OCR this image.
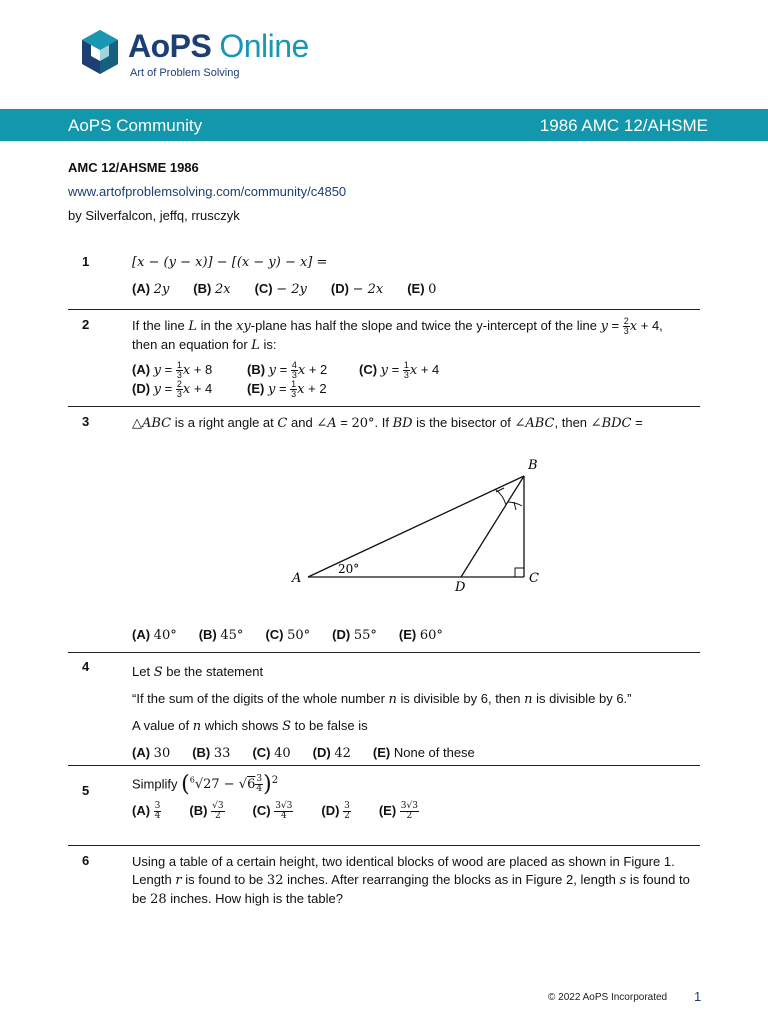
AoPS Online
Art of Problem Solving
AoPS Community	1986 AMC 12/AHSME
AMC 12/AHSME 1986
www.artofproblemsolving.com/community/c4850
by Silverfalcon, jeffq, rrusczyk
1	[x − (y − x)] − [(x − y) − x] =
(A) 2y (B) 2x (C) − 2y (D) − 2x (E) 0
2	If the line L in the xy-plane has half the slope and twice the y-intercept of the line $y = \frac{2}{3}$ x + 4,
then an equation for L is:
(A) $y = \frac{1}{3}$ x + 8	(B) $y = \frac{4}{3}$ x + 2 (C) $y = \frac{1}{3}$ x + 4
(D) $y = \frac{2}{3}$ x + 4	(E) $y = \frac{1}{3}$ x + 2
3	△ABC is a right angle at C and ∠A = 20°. If BD is the bisector of ∠ABC, then ∠BDC =
A
B
C
D
20°
(A) 40° (B) 45° (C) 50° (D) 55° (E) 60°
4	Let S be the statement
“If the sum of the digits of the whole number n is divisible by 6, then n is divisible by 6.”
A value of n which shows S to be false is
(A) 30 (B) 33 (C) 40 (D) 42 (E) None of these
5	Simplify $(^6√27 - √6 \frac{3}{4} )^2$
$(A) \frac{3}{4} (B) \frac{√3}{2} (C) \frac{3√3}{4} (D) \frac{3}{2} (E) \frac{3√3}{2}$
6	Using a table of a certain height, two identical blocks of wood are placed as shown in Figure 1. Length r is found to be 32 inches. After rearranging the blocks as in Figure 2, length s is found to be 28 inches. How high is the table?
© 2022 AoPS Incorporated 1
